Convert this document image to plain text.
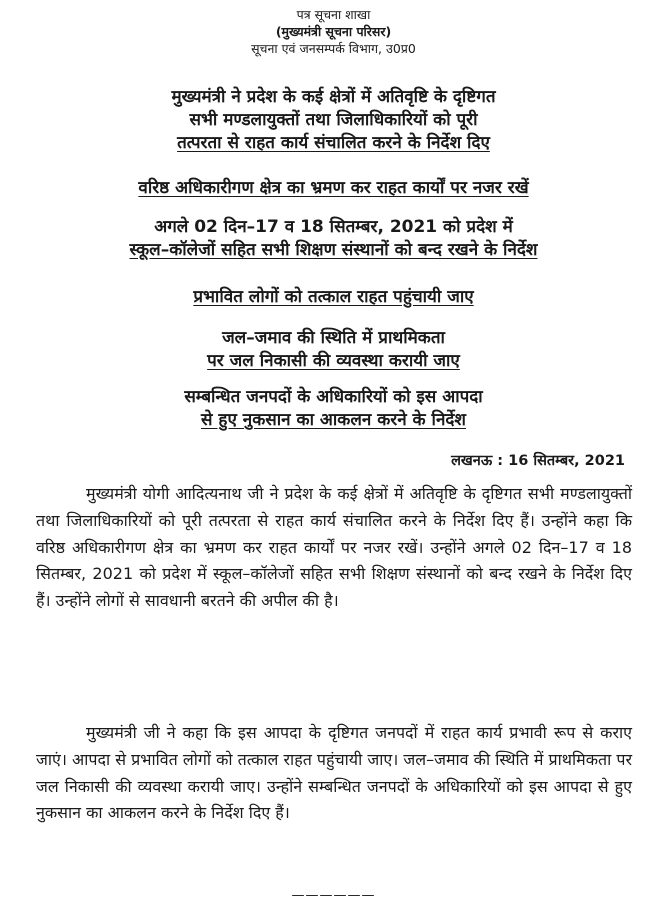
पत्र सूचना शाखा
(मुख्यमंत्री सूचना परिसर)
सूचना एवं जनसम्पर्क विभाग, उ0प्र0
मुख्यमंत्री ने प्रदेश के कई क्षेत्रों में अतिवृष्टि के दृष्टिगत
सभी मण्डलायुक्तों तथा जिलाधिकारियों को पूरी
तत्परता से राहत कार्य संचालित करने के निर्देश दिए
वरिष्ठ अधिकारीगण क्षेत्र का भ्रमण कर राहत कार्यों पर नजर रखें
अगले 02 दिन–17 व 18 सितम्बर, 2021 को प्रदेश में
स्कूल–कॉलेजों सहित सभी शिक्षण संस्थानों को बन्द रखने के निर्देश
प्रभावित लोगों को तत्काल राहत पहुंचायी जाए
जल–जमाव की स्थिति में प्राथमिकता
पर जल निकासी की व्यवस्था करायी जाए
सम्बन्धित जनपदों के अधिकारियों को इस आपदा
से हुए नुकसान का आकलन करने के निर्देश
लखनऊ : 16 सितम्बर, 2021

मुख्यमंत्री योगी आदित्यनाथ जी ने प्रदेश के कई क्षेत्रों में अतिवृष्टि के दृष्टिगत सभी मण्डलायुक्तों तथा जिलाधिकारियों को पूरी तत्परता से राहत कार्य संचालित करने के निर्देश दिए हैं। उन्होंने कहा कि वरिष्ठ अधिकारीगण क्षेत्र का भ्रमण कर राहत कार्यों पर नजर रखें। उन्होंने अगले 02 दिन–17 व 18 सितम्बर, 2021 को प्रदेश में स्कूल–कॉलेजों सहित सभी शिक्षण संस्थानों को बन्द रखने के निर्देश दिए हैं। उन्होंने लोगों से सावधानी बरतने की अपील की है।

मुख्यमंत्री जी ने कहा कि इस आपदा के दृष्टिगत जनपदों में राहत कार्य प्रभावी रूप से कराए जाएं। आपदा से प्रभावित लोगों को तत्काल राहत पहुंचायी जाए। जल–जमाव की स्थिति में प्राथमिकता पर जल निकासी की व्यवस्था करायी जाए। उन्होंने सम्बन्धित जनपदों के अधिकारियों को इस आपदा से हुए नुकसान का आकलन करने के निर्देश दिए हैं।

——————
